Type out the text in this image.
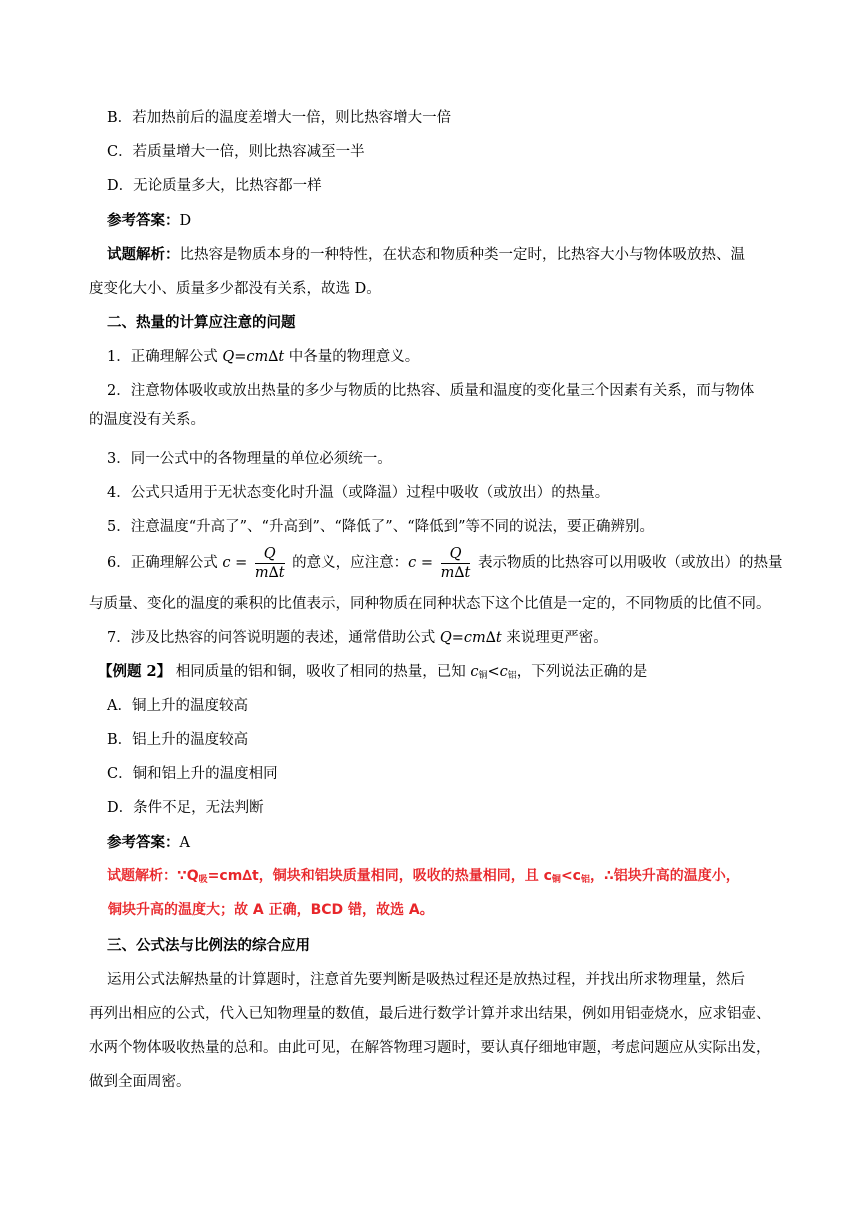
B．若加热前后的温度差增大一倍，则比热容增大一倍
C．若质量增大一倍，则比热容减至一半
D．无论质量多大，比热容都一样
参考答案：D
试题解析：比热容是物质本身的一种特性，在状态和物质种类一定时，比热容大小与物体吸放热、温
度变化大小、质量多少都没有关系，故选 D。
二、热量的计算应注意的问题
1．正确理解公式 Q=cm∆t 中各量的物理意义。
2．注意物体吸收或放出热量的多少与物质的比热容、质量和温度的变化量三个因素有关系，而与物体
的温度没有关系。
3．同一公式中的各物理量的单位必须统一。
4．公式只适用于无状态变化时升温（或降温）过程中吸收（或放出）的热量。
5．注意温度“升高了”、“升高到”、“降低了”、“降低到”等不同的说法，要正确辨别。
6．正确理解公式 $c = \frac{Q}{m\Delta t}$ 的意义，应注意：$c = \frac{Q}{m\Delta t}$ 表示物质的比热容可以用吸收（或放出）的热量
与质量、变化的温度的乘积的比值表示，同种物质在同种状态下这个比值是一定的，不同物质的比值不同。
7．涉及比热容的问答说明题的表述，通常借助公式 Q=cm∆t 来说理更严密。
【例题 2】 相同质量的铝和铜，吸收了相同的热量，已知 $c_铜<c_铝$，下列说法正确的是
A．铜上升的温度较高
B．铝上升的温度较高
C．铜和铝上升的温度相同
D．条件不足，无法判断
参考答案：A
试题解析：$\because Q_吸=cm\Delta t$，铜块和铝块质量相同，吸收的热量相同，且 $c_铜<c_铝$，∴铝块升高的温度小，
铜块升高的温度大；故 A 正确，BCD 错，故选 A。
三、公式法与比例法的综合应用
运用公式法解热量的计算题时，注意首先要判断是吸热过程还是放热过程，并找出所求物理量，然后
再列出相应的公式，代入已知物理量的数值，最后进行数学计算并求出结果，例如用铝壶烧水，应求铝壶、
水两个物体吸收热量的总和。由此可见，在解答物理习题时，要认真仔细地审题，考虑问题应从实际出发，
做到全面周密。
